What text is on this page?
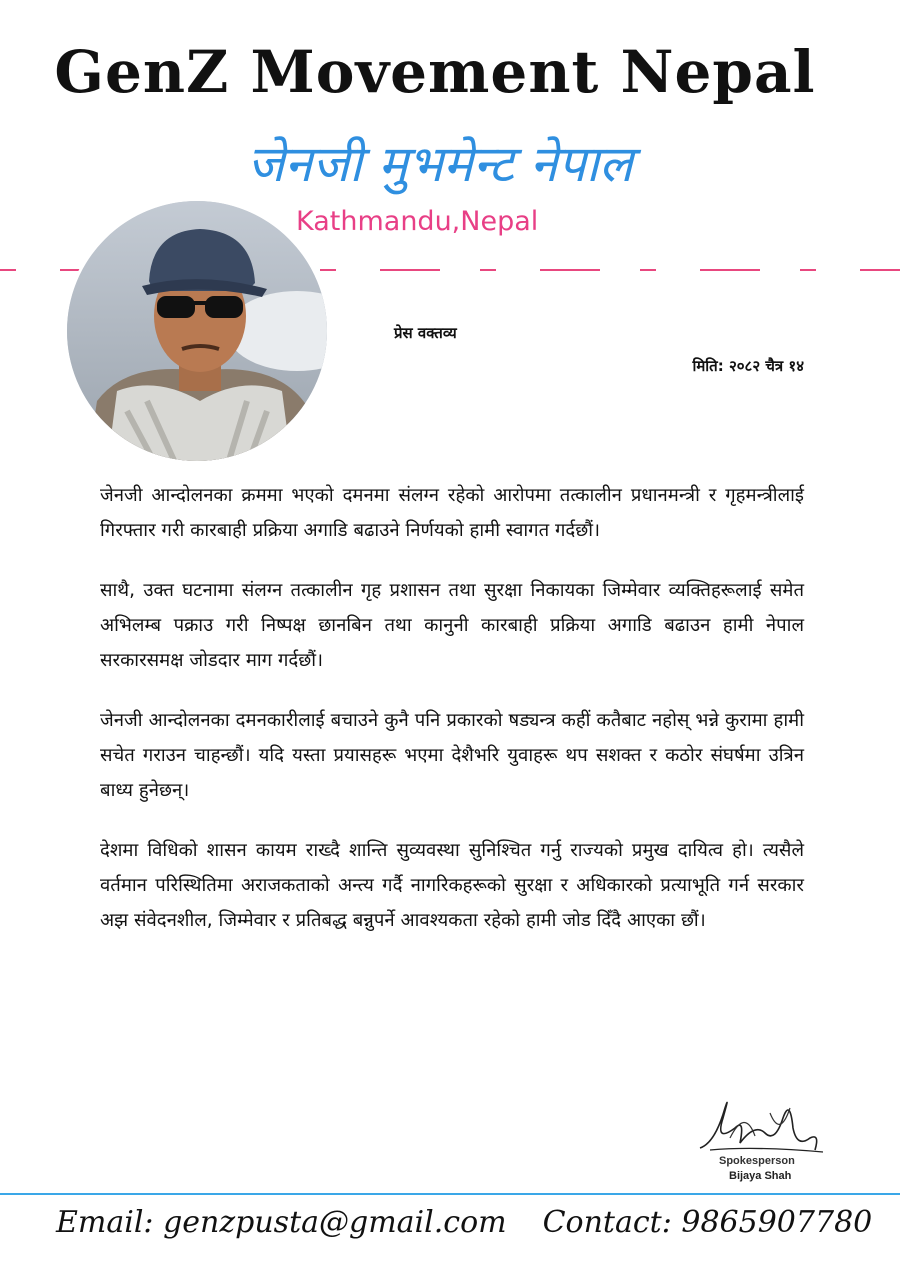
GenZ Movement Nepal
जेनजी मुभमेन्ट नेपाल
Kathmandu,Nepal
प्रेस वक्तव्य
मिति: २०८२ चैत्र १४

जेनजी आन्दोलनका क्रममा भएको दमनमा संलग्न रहेको आरोपमा तत्कालीन प्रधानमन्त्री र गृहमन्त्रीलाई गिरफ्तार गरी कारबाही प्रक्रिया अगाडि बढाउने निर्णयको हामी स्वागत गर्दछौं।

साथै, उक्त घटनामा संलग्न तत्कालीन गृह प्रशासन तथा सुरक्षा निकायका जिम्मेवार व्यक्तिहरूलाई समेत अभिलम्ब पक्राउ गरी निष्पक्ष छानबिन तथा कानुनी कारबाही प्रक्रिया अगाडि बढाउन हामी नेपाल सरकारसमक्ष जोडदार माग गर्दछौं।

जेनजी आन्दोलनका दमनकारीलाई बचाउने कुनै पनि प्रकारको षड्यन्त्र कहीं कतैबाट नहोस् भन्ने कुरामा हामी सचेत गराउन चाहन्छौं। यदि यस्ता प्रयासहरू भएमा देशैभरि युवाहरू थप सशक्त र कठोर संघर्षमा उत्रिन बाध्य हुनेछन्।

देशमा विधिको शासन कायम राख्दै शान्ति सुव्यवस्था सुनिश्चित गर्नु राज्यको प्रमुख दायित्व हो। त्यसैले वर्तमान परिस्थितिमा अराजकताको अन्त्य गर्दै नागरिकहरूको सुरक्षा र अधिकारको प्रत्याभूति गर्न सरकार अझ संवेदनशील, जिम्मेवार र प्रतिबद्ध बन्नुपर्ने आवश्यकता रहेको हामी जोड दिँदै आएका छौं।

Spokesperson
Bijaya Shah
Email: genzpusta@gmail.com Contact: 9865907780
